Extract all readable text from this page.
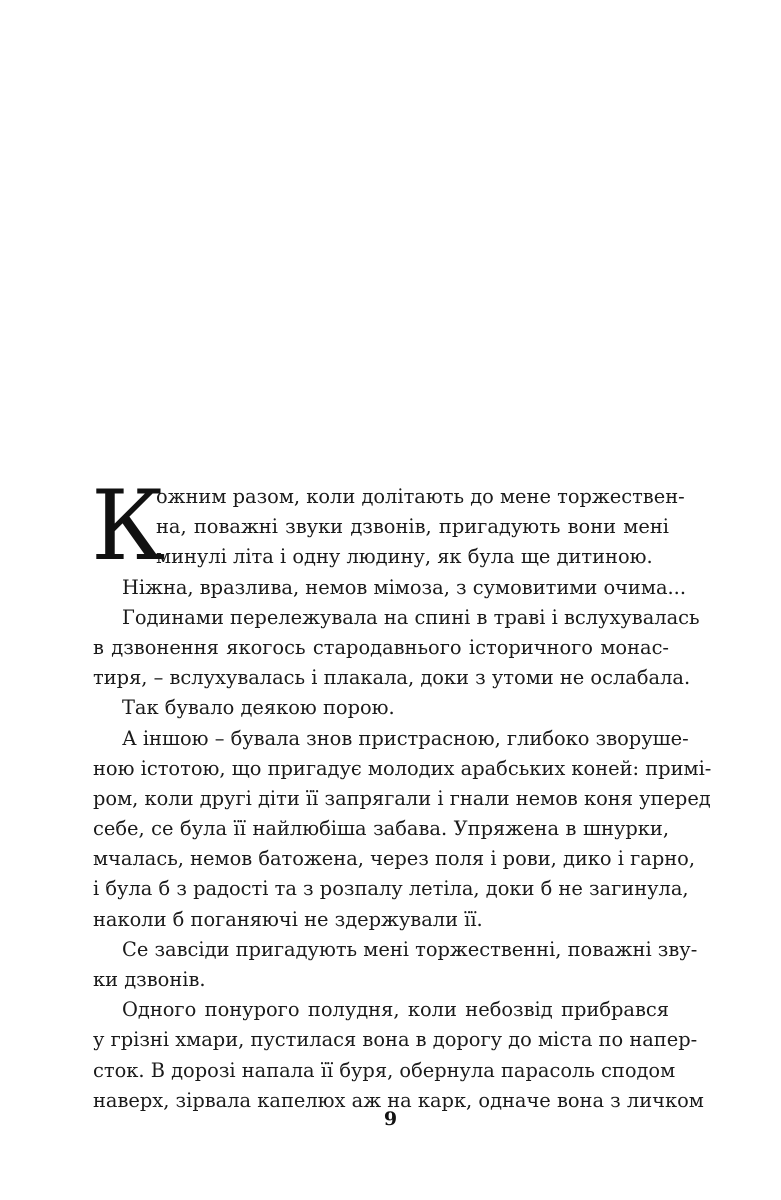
К
ожним разом, коли долітають до мене торжествен-
на, поважні звуки дзвонів, пригадують вони мені
минулі літа і одну людину, як була ще дитиною.
Ніжна, вразлива, немов мімоза, з сумовитими очима...
Годинами перележувала на спині в траві і вслухувалась
в дзвонення якогось стародавнього історичного монас-
тиря, – вслухувалась і плакала, доки з утоми не ослабала.
Так бувало деякою порою.
А іншою – бувала знов пристрасною, глибоко зворуше-
ною істотою, що пригадує молодих арабських коней: примі-
ром, коли другі діти її запрягали і гнали немов коня уперед
себе, се була її найлюбіша забава. Упряжена в шнурки,
мчалась, немов батожена, через поля і рови, дико і гарно,
і була б з радості та з розпалу летіла, доки б не загинула,
наколи б поганяючі не здержували її.
Се завсіди пригадують мені торжественні, поважні зву-
ки дзвонів.
Одного понурого полудня, коли небозвід прибрався
у грізні хмари, пустилася вона в дорогу до міста по напер-
сток. В дорозі напала її буря, обернула парасоль сподом
наверх, зірвала капелюх аж на карк, одначе вона з личком
9
